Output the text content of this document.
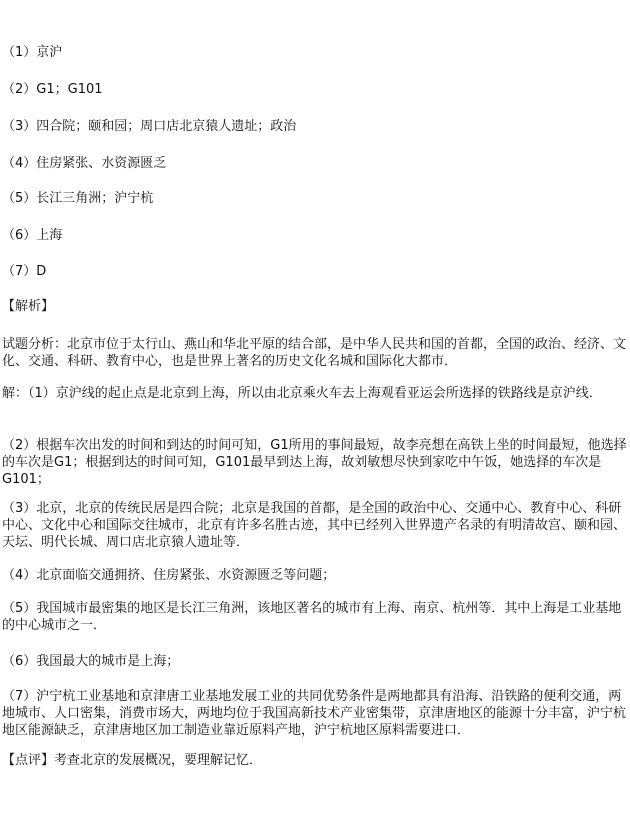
（1）京沪
（2）G1；G101
（3）四合院；颐和园；周口店北京猿人遗址；政治
（4）住房紧张、水资源匮乏
（5）长江三角洲；沪宁杭
（6）上海
（7）D
【解析】
试题分析：北京市位于太行山、燕山和华北平原的结合部，是中华人民共和国的首都，全国的政治、经济、文化、交通、科研、教育中心，也是世界上著名的历史文化名城和国际化大都市．
解：（1）京沪线的起止点是北京到上海，所以由北京乘火车去上海观看亚运会所选择的铁路线是京沪线．
（2）根据车次出发的时间和到达的时间可知，G1所用的事间最短，故李亮想在高铁上坐的时间最短，他选择的车次是G1；根据到达的时间可知，G101最早到达上海，故刘敏想尽快到家吃中午饭，她选择的车次是G101；
（3）北京，北京的传统民居是四合院；北京是我国的首都，是全国的政治中心、交通中心、教育中心、科研中心、文化中心和国际交往城市，北京有许多名胜古迹，其中已经列入世界遗产名录的有明清故宫、颐和园、天坛、明代长城、周口店北京猿人遗址等．
（4）北京面临交通拥挤、住房紧张、水资源匮乏等问题；
（5）我国城市最密集的地区是长江三角洲，该地区著名的城市有上海、南京、杭州等．其中上海是工业基地的中心城市之一．
（6）我国最大的城市是上海；
（7）沪宁杭工业基地和京津唐工业基地发展工业的共同优势条件是两地都具有沿海、沿铁路的便利交通，两地城市、人口密集，消费市场大，两地均位于我国高新技术产业密集带，京津唐地区的能源十分丰富，沪宁杭地区能源缺乏，京津唐地区加工制造业靠近原料产地，沪宁杭地区原料需要进口．
【点评】考查北京的发展概况，要理解记忆．
